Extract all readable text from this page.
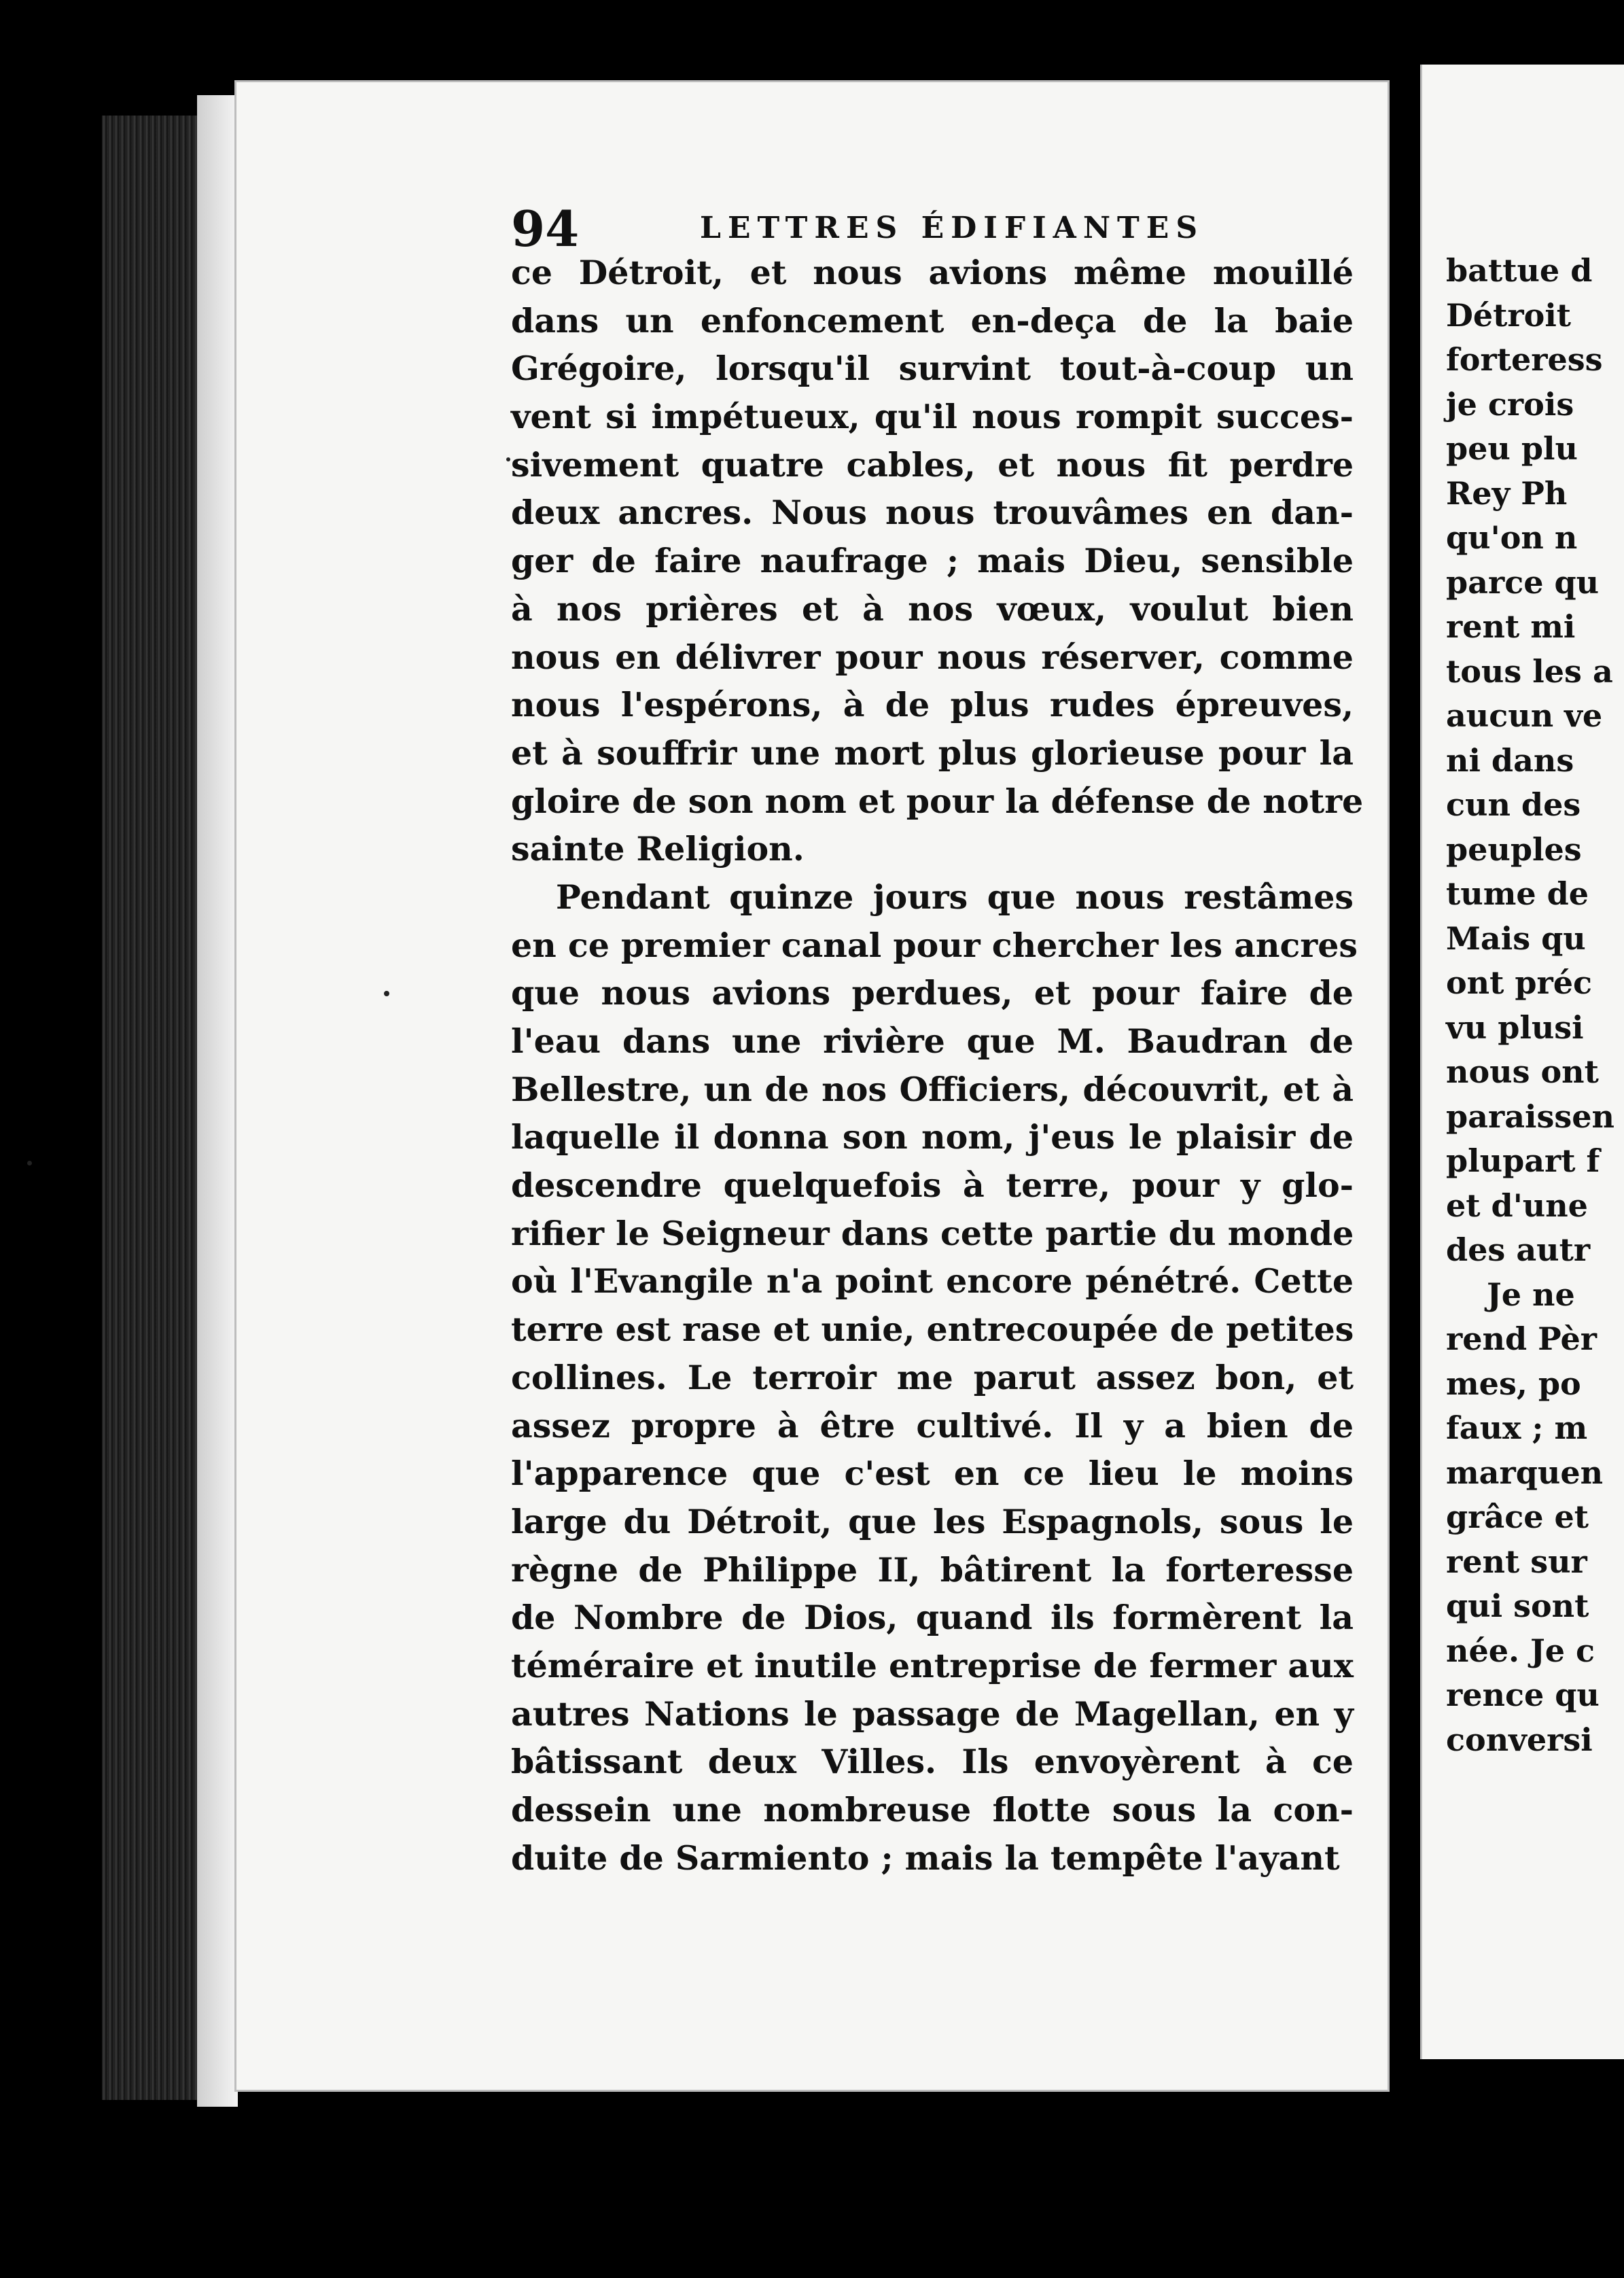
94	LETTRES ÉDIFIANTES
ce Détroit, et nous avions même mouillé
dans un enfoncement en-deça de la baie
Grégoire, lorsqu'il survint tout-à-coup un
vent si impétueux, qu'il nous rompit succes-
sivement quatre cables, et nous fit perdre
deux ancres. Nous nous trouvâmes en dan-
ger de faire naufrage ; mais Dieu, sensible
à nos prières et à nos vœux, voulut bien
nous en délivrer pour nous réserver, comme
nous l'espérons, à de plus rudes épreuves,
et à souffrir une mort plus glorieuse pour la
gloire de son nom et pour la défense de notre
sainte Religion.
Pendant quinze jours que nous restâmes
en ce premier canal pour chercher les ancres
que nous avions perdues, et pour faire de
l'eau dans une rivière que M. Baudran de
Bellestre, un de nos Officiers, découvrit, et à
laquelle il donna son nom, j'eus le plaisir de
descendre quelquefois à terre, pour y glo-
rifier le Seigneur dans cette partie du monde
où l'Evangile n'a point encore pénétré. Cette
terre est rase et unie, entrecoupée de petites
collines. Le terroir me parut assez bon, et
assez propre à être cultivé. Il y a bien de
l'apparence que c'est en ce lieu le moins
large du Détroit, que les Espagnols, sous le
règne de Philippe II, bâtirent la forteresse
de Nombre de Dios, quand ils formèrent la
téméraire et inutile entreprise de fermer aux
autres Nations le passage de Magellan, en y
bâtissant deux Villes. Ils envoyèrent à ce
dessein une nombreuse flotte sous la con-
duite de Sarmiento ; mais la tempête l'ayant
battue d
Détroit
forteress
je crois
peu plu
Rey Ph
qu'on n
parce qu
rent mi
tous les a
aucun ve
ni dans
cun des
peuples
tume de
Mais qu
ont préc
vu plusi
nous ont
paraissen
plupart f
et d'une
des autr
Je ne
rend Pèr
mes, po
faux ; m
marquen
grâce et
rent sur
qui sont
née. Je c
rence qu
conversi
